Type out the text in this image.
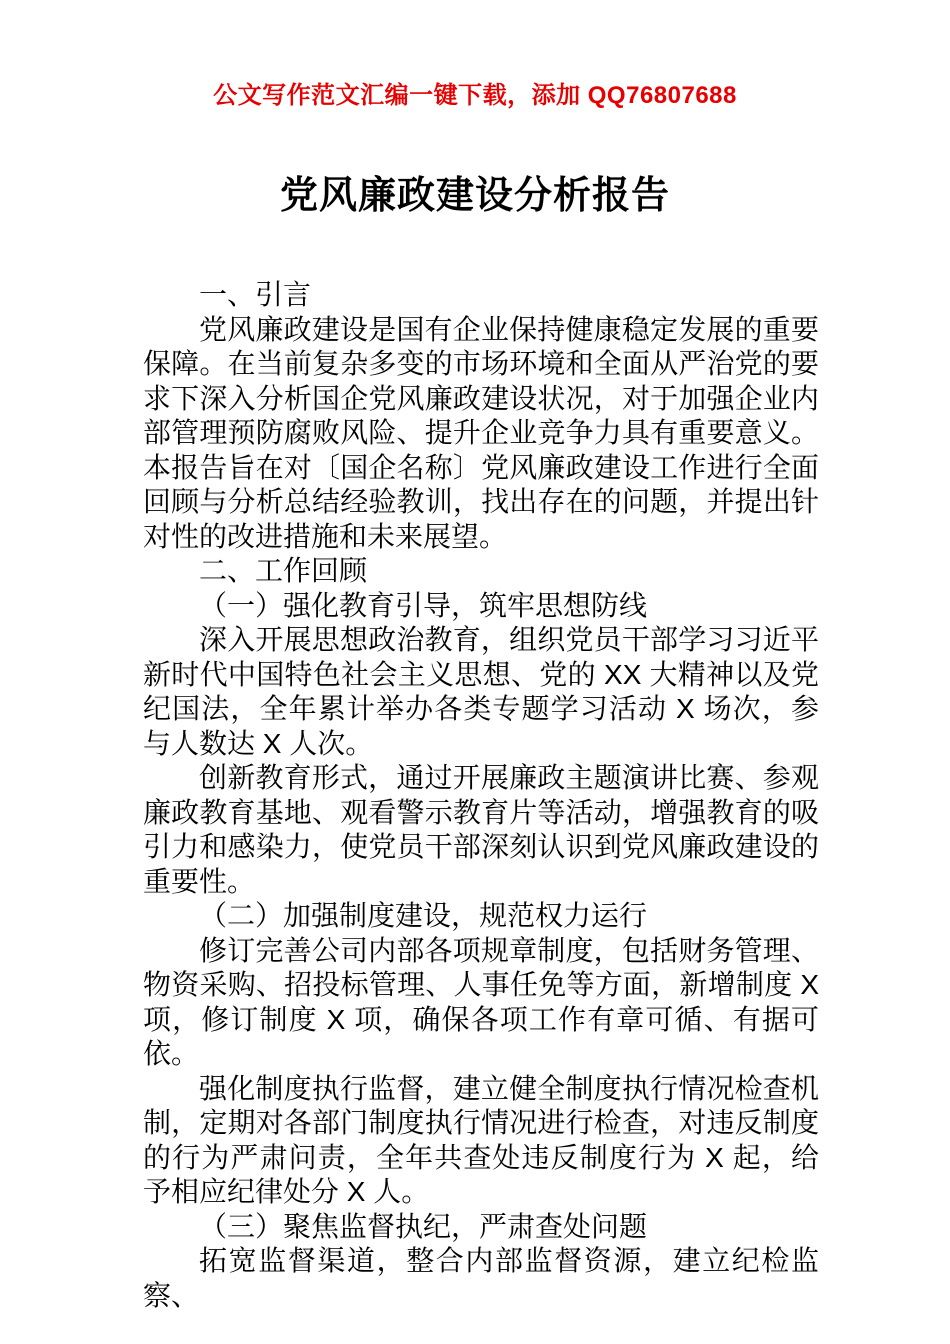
公文写作范文汇编一键下载，添加 QQ76807688
党风廉政建设分析报告

一、引言

党风廉政建设是国有企业保持健康稳定发展的重要保障。在当前复杂多变的市场环境和全面从严治党的要求下深入分析国企党风廉政建设状况，对于加强企业内部管理预防腐败风险、提升企业竞争力具有重要意义。本报告旨在对〔国企名称〕党风廉政建设工作进行全面回顾与分析总结经验教训，找出存在的问题，并提出针对性的改进措施和未来展望。

二、工作回顾

（一）强化教育引导，筑牢思想防线

深入开展思想政治教育，组织党员干部学习习近平新时代中国特色社会主义思想、党的 XX 大精神以及党纪国法，全年累计举办各类专题学习活动 X 场次，参与人数达 X 人次。

创新教育形式，通过开展廉政主题演讲比赛、参观廉政教育基地、观看警示教育片等活动，增强教育的吸引力和感染力，使党员干部深刻认识到党风廉政建设的重要性。

（二）加强制度建设，规范权力运行

修订完善公司内部各项规章制度，包括财务管理、物资采购、招投标管理、人事任免等方面，新增制度 X 项，修订制度 X 项，确保各项工作有章可循、有据可依。

强化制度执行监督，建立健全制度执行情况检查机制，定期对各部门制度执行情况进行检查，对违反制度的行为严肃问责，全年共查处违反制度行为 X 起，给予相应纪律处分 X 人。

（三）聚焦监督执纪，严肃查处问题

拓宽监督渠道，整合内部监督资源，建立纪检监察、
